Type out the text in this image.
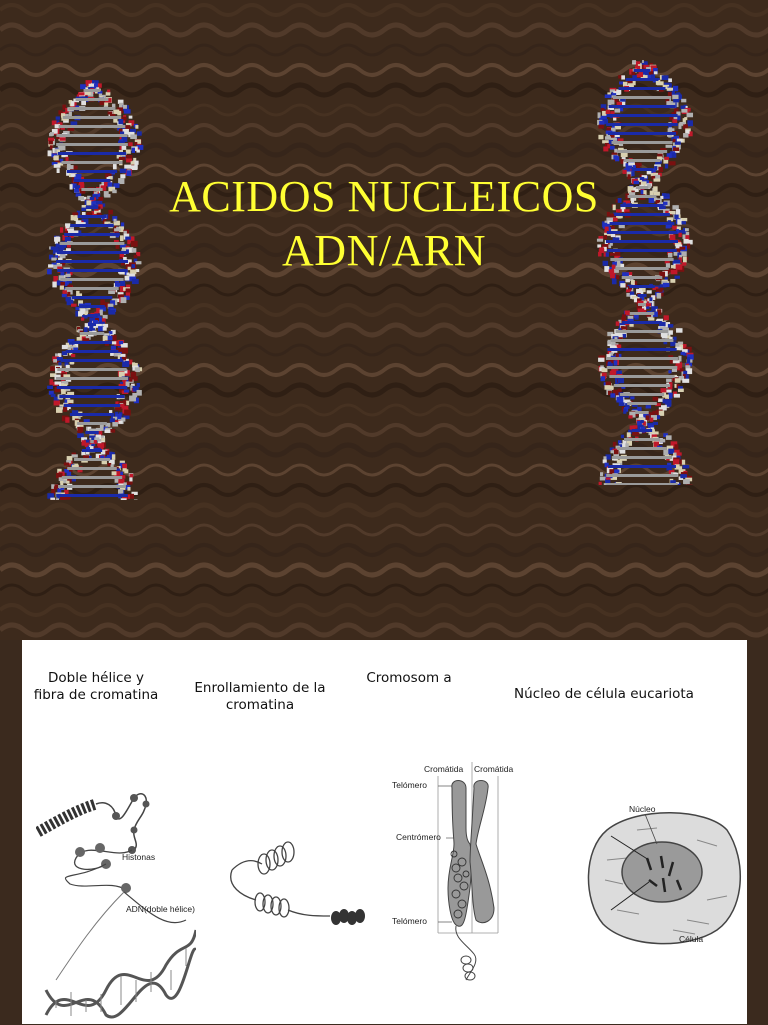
ACIDOS NUCLEICOS
ADN/ARN
Doble hélice y fibra de cromatina	Enrollamiento de la cromatina
Cromosom a
Núcleo de célula eucariota
Histonas
ADN(doble hélice)
Cromátida Cromátida
Telómero
Centrómero
Telómero
Núcleo
Célula
